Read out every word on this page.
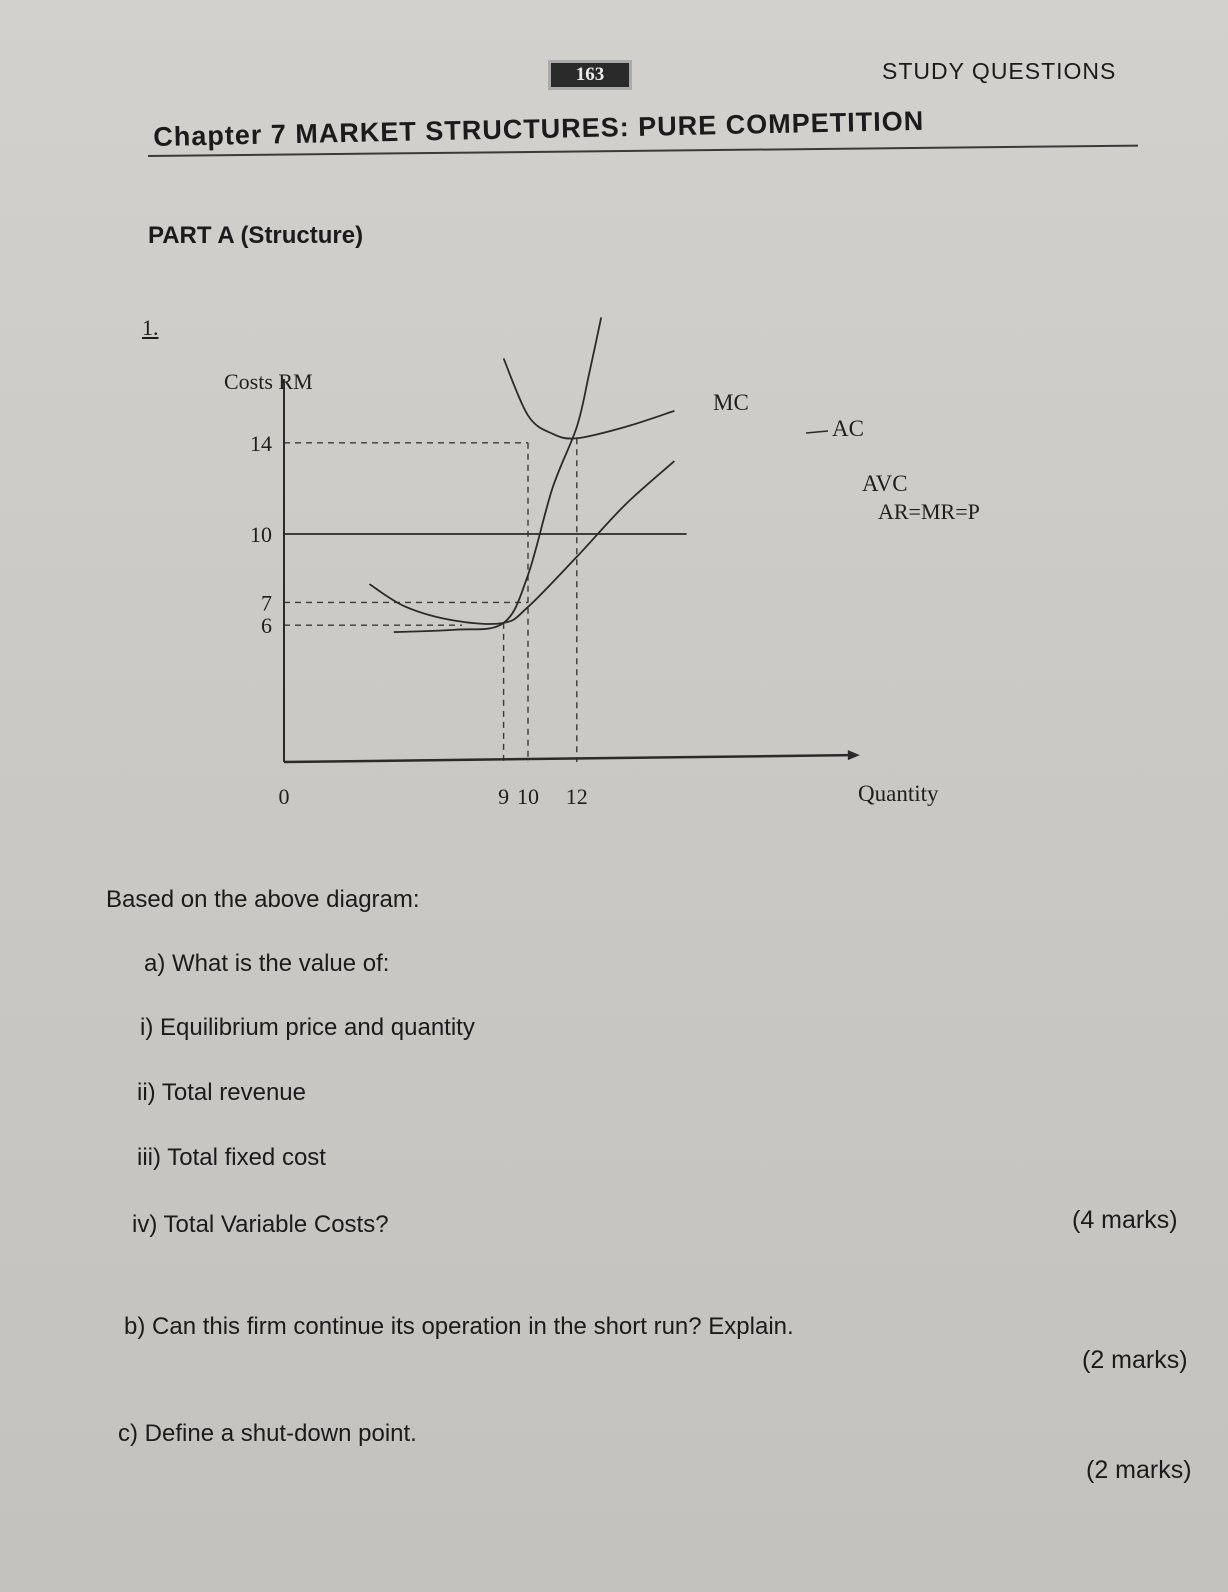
163	STUDY QUESTIONS
Chapter 7 MARKET STRUCTURES: PURE COMPETITION
PART A (Structure)
1.
Costs RM
Quantity
0	9 10 12
14
10
7
6
MC
AC
AVC
AR=MR=P
Based on the above diagram:
a) What is the value of:
i) Equilibrium price and quantity
ii) Total revenue
iii) Total fixed cost
iv) Total Variable Costs?	(4 marks)
b) Can this firm continue its operation in the short run? Explain.
(2 marks)
c) Define a shut-down point.
(2 marks)
